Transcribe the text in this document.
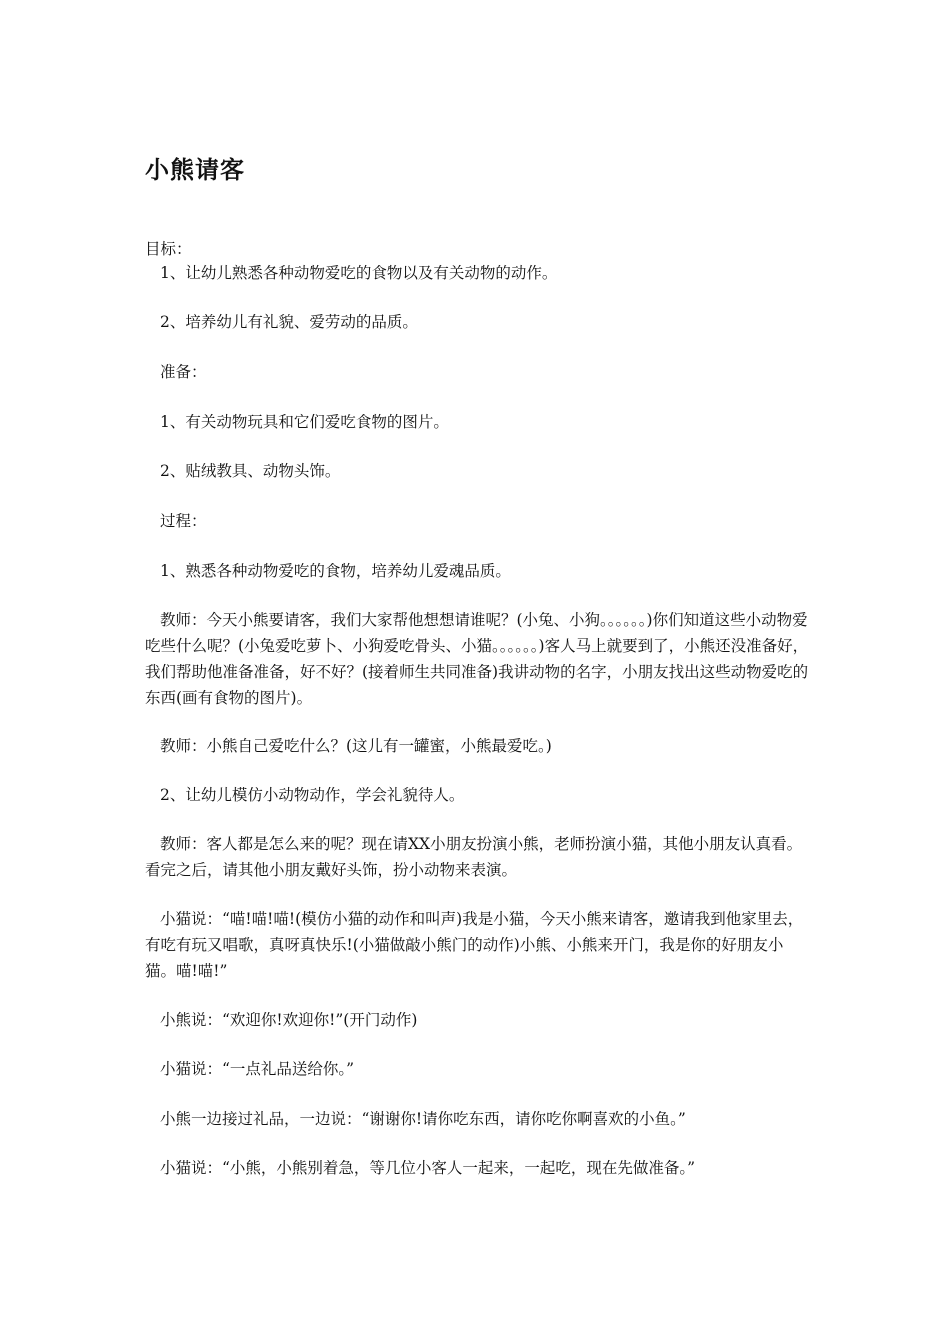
小熊请客

目标：

1、让幼儿熟悉各种动物爱吃的食物以及有关动物的动作。

2、培养幼儿有礼貌、爱劳动的品质。

准备：

1、有关动物玩具和它们爱吃食物的图片。

2、贴绒教具、动物头饰。

过程：

1、熟悉各种动物爱吃的食物，培养幼儿爱魂品质。

教师：今天小熊要请客，我们大家帮他想想请谁呢？(小兔、小狗。。。。。。)你们知道这些小动物爱吃些什么呢？(小兔爱吃萝卜、小狗爱吃骨头、小猫。。。。。。)客人马上就要到了，小熊还没准备好，我们帮助他准备准备，好不好？(接着师生共同准备)我讲动物的名字，小朋友找出这些动物爱吃的东西(画有食物的图片)。

教师：小熊自己爱吃什么？(这儿有一罐蜜，小熊最爱吃。)

2、让幼儿模仿小动物动作，学会礼貌待人。

教师：客人都是怎么来的呢？现在请XX小朋友扮演小熊，老师扮演小猫，其他小朋友认真看。看完之后，请其他小朋友戴好头饰，扮小动物来表演。

小猫说：“喵!喵!喵!(模仿小猫的动作和叫声)我是小猫，今天小熊来请客，邀请我到他家里去，有吃有玩又唱歌，真呀真快乐!(小猫做敲小熊门的动作)小熊、小熊来开门，我是你的好朋友小猫。喵!喵!”

小熊说：“欢迎你!欢迎你!”(开门动作)

小猫说：“一点礼品送给你。”

小熊一边接过礼品，一边说：“谢谢你!请你吃东西，请你吃你啊喜欢的小鱼。”

小猫说：“小熊，小熊别着急，等几位小客人一起来，一起吃，现在先做准备。”
